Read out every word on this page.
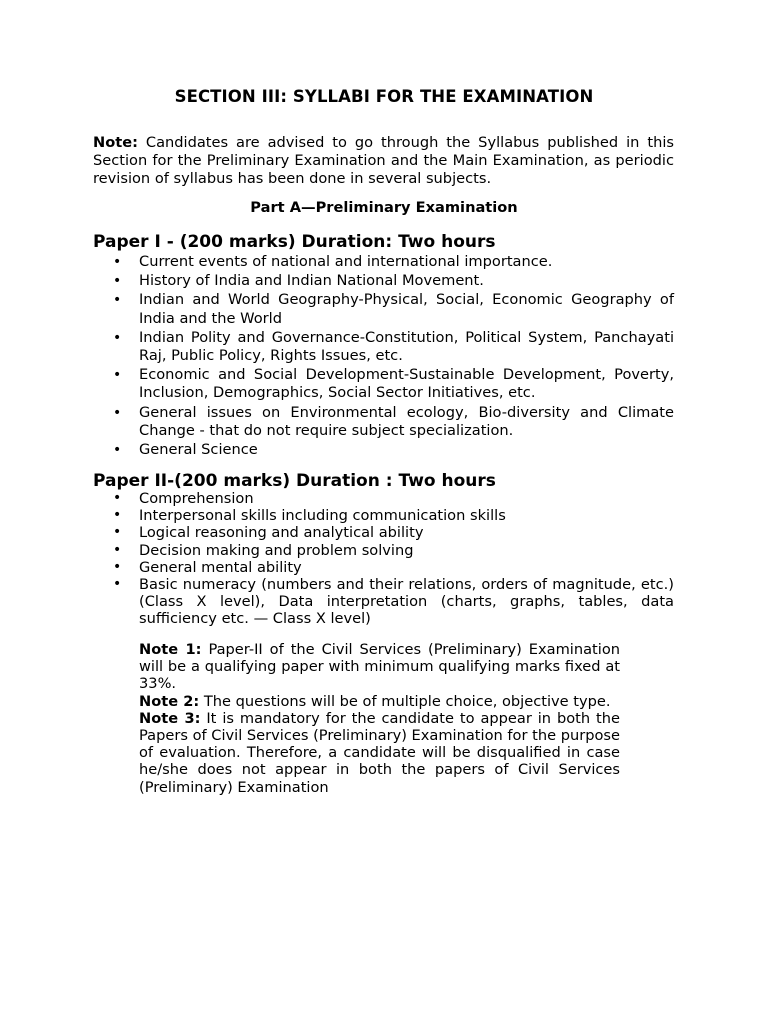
SECTION III: SYLLABI FOR THE EXAMINATION
Note: Candidates are advised to go through the Syllabus published in this Section for the Preliminary Examination and the Main Examination, as periodic revision of syllabus has been done in several subjects.
Part A—Preliminary Examination
Paper I - (200 marks) Duration: Two hours
• Current events of national and international importance.
• History of India and Indian National Movement.
• Indian and World Geography-Physical, Social, Economic Geography of India and the World
• Indian Polity and Governance-Constitution, Political System, Panchayati Raj, Public Policy, Rights Issues, etc.
• Economic and Social Development-Sustainable Development, Poverty, Inclusion, Demographics, Social Sector Initiatives, etc.
• General issues on Environmental ecology, Bio-diversity and Climate Change - that do not require subject specialization.
• General Science
Paper II-(200 marks) Duration : Two hours
• Comprehension
• Interpersonal skills including communication skills
• Logical reasoning and analytical ability
• Decision making and problem solving
• General mental ability
• Basic numeracy (numbers and their relations, orders of magnitude, etc.) (Class X level), Data interpretation (charts, graphs, tables, data sufficiency etc. — Class X level)

Note 1: Paper-II of the Civil Services (Preliminary) Examination will be a qualifying paper with minimum qualifying marks fixed at 33%.

Note 2: The questions will be of multiple choice, objective type.

Note 3: It is mandatory for the candidate to appear in both the Papers of Civil Services (Preliminary) Examination for the purpose of evaluation. Therefore, a candidate will be disqualified in case he/she does not appear in both the papers of Civil Services (Preliminary) Examination
